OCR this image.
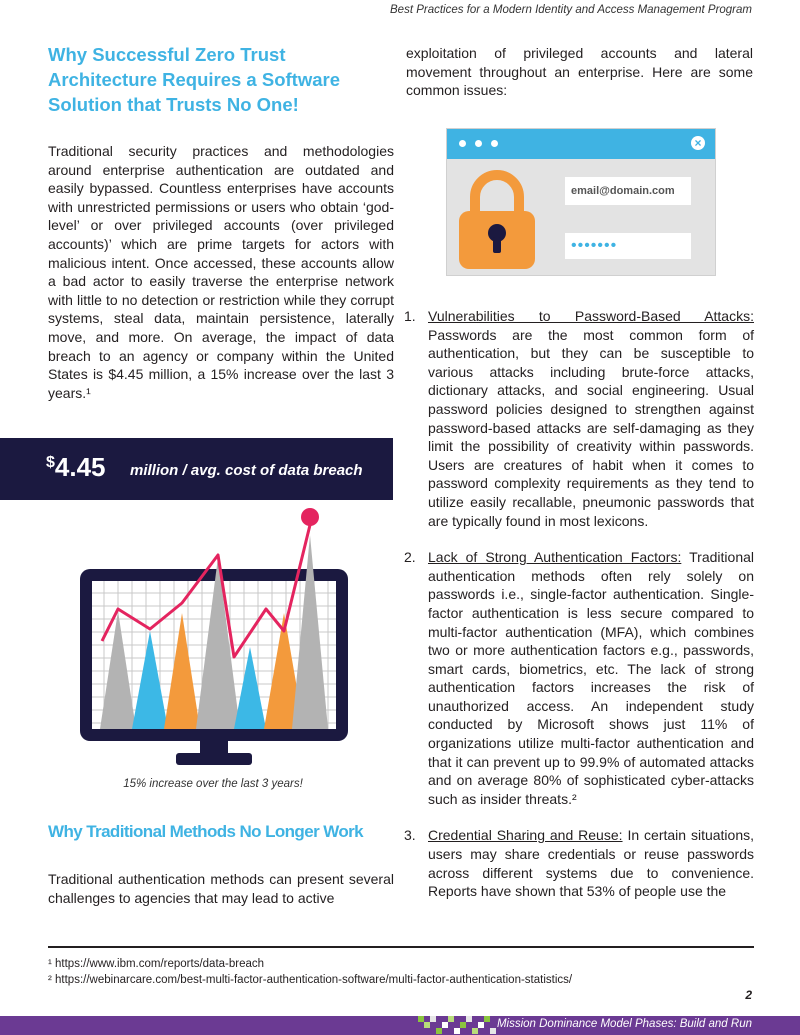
Best Practices for a Modern Identity and Access Management Program
Why Successful Zero Trust Architecture Requires a Software Solution that Trusts No One!

Traditional security practices and methodologies around enterprise authentication are outdated and easily bypassed. Countless enterprises have accounts with unrestricted permissions or users who obtain ‘god-level’ or over privileged accounts (over privileged accounts)’ which are prime targets for actors with malicious intent. Once accessed, these accounts allow a bad actor to easily traverse the enterprise network with little to no detection or restriction while they corrupt systems, steal data, maintain persistence, laterally move, and more. On average, the impact of data breach to an agency or company within the United States is $4.45 million, a 15% increase over the last 3 years.¹

$4.45 million / avg. cost of data breach
15% increase over the last 3 years!
Why Traditional Methods No Longer Work

Traditional authentication methods can present several challenges to agencies that may lead to active

exploitation of privileged accounts and lateral movement throughout an enterprise. Here are some common issues:

×
email@domain.com
•••••••
1. Vulnerabilities to Password-Based Attacks: Passwords are the most common form of authentication, but they can be susceptible to various attacks including brute-force attacks, dictionary attacks, and social engineering. Usual password policies designed to strengthen against password-based attacks are self-damaging as they limit the possibility of creativity within passwords. Users are creatures of habit when it comes to password complexity requirements as they tend to utilize easily recallable, pneumonic passwords that are typically found in most lexicons.
2. Lack of Strong Authentication Factors: Traditional authentication methods often rely solely on passwords i.e., single-factor authentication. Single-factor authentication is less secure compared to multi-factor authentication (MFA), which combines two or more authentication factors e.g., passwords, smart cards, biometrics, etc. The lack of strong authentication factors increases the risk of unauthorized access. An independent study conducted by Microsoft shows just 11% of organizations utilize multi-factor authentication and that it can prevent up to 99.9% of automated attacks and on average 80% of sophisticated cyber-attacks such as insider threats.²
3. Credential Sharing and Reuse: In certain situations, users may share credentials or reuse passwords across different systems due to convenience. Reports have shown that 53% of people use the
¹ https://www.ibm.com/reports/data-breach
² https://webinarcare.com/best-multi-factor-authentication-software/multi-factor-authentication-statistics/
2
Mission Dominance Model Phases: Build and Run
